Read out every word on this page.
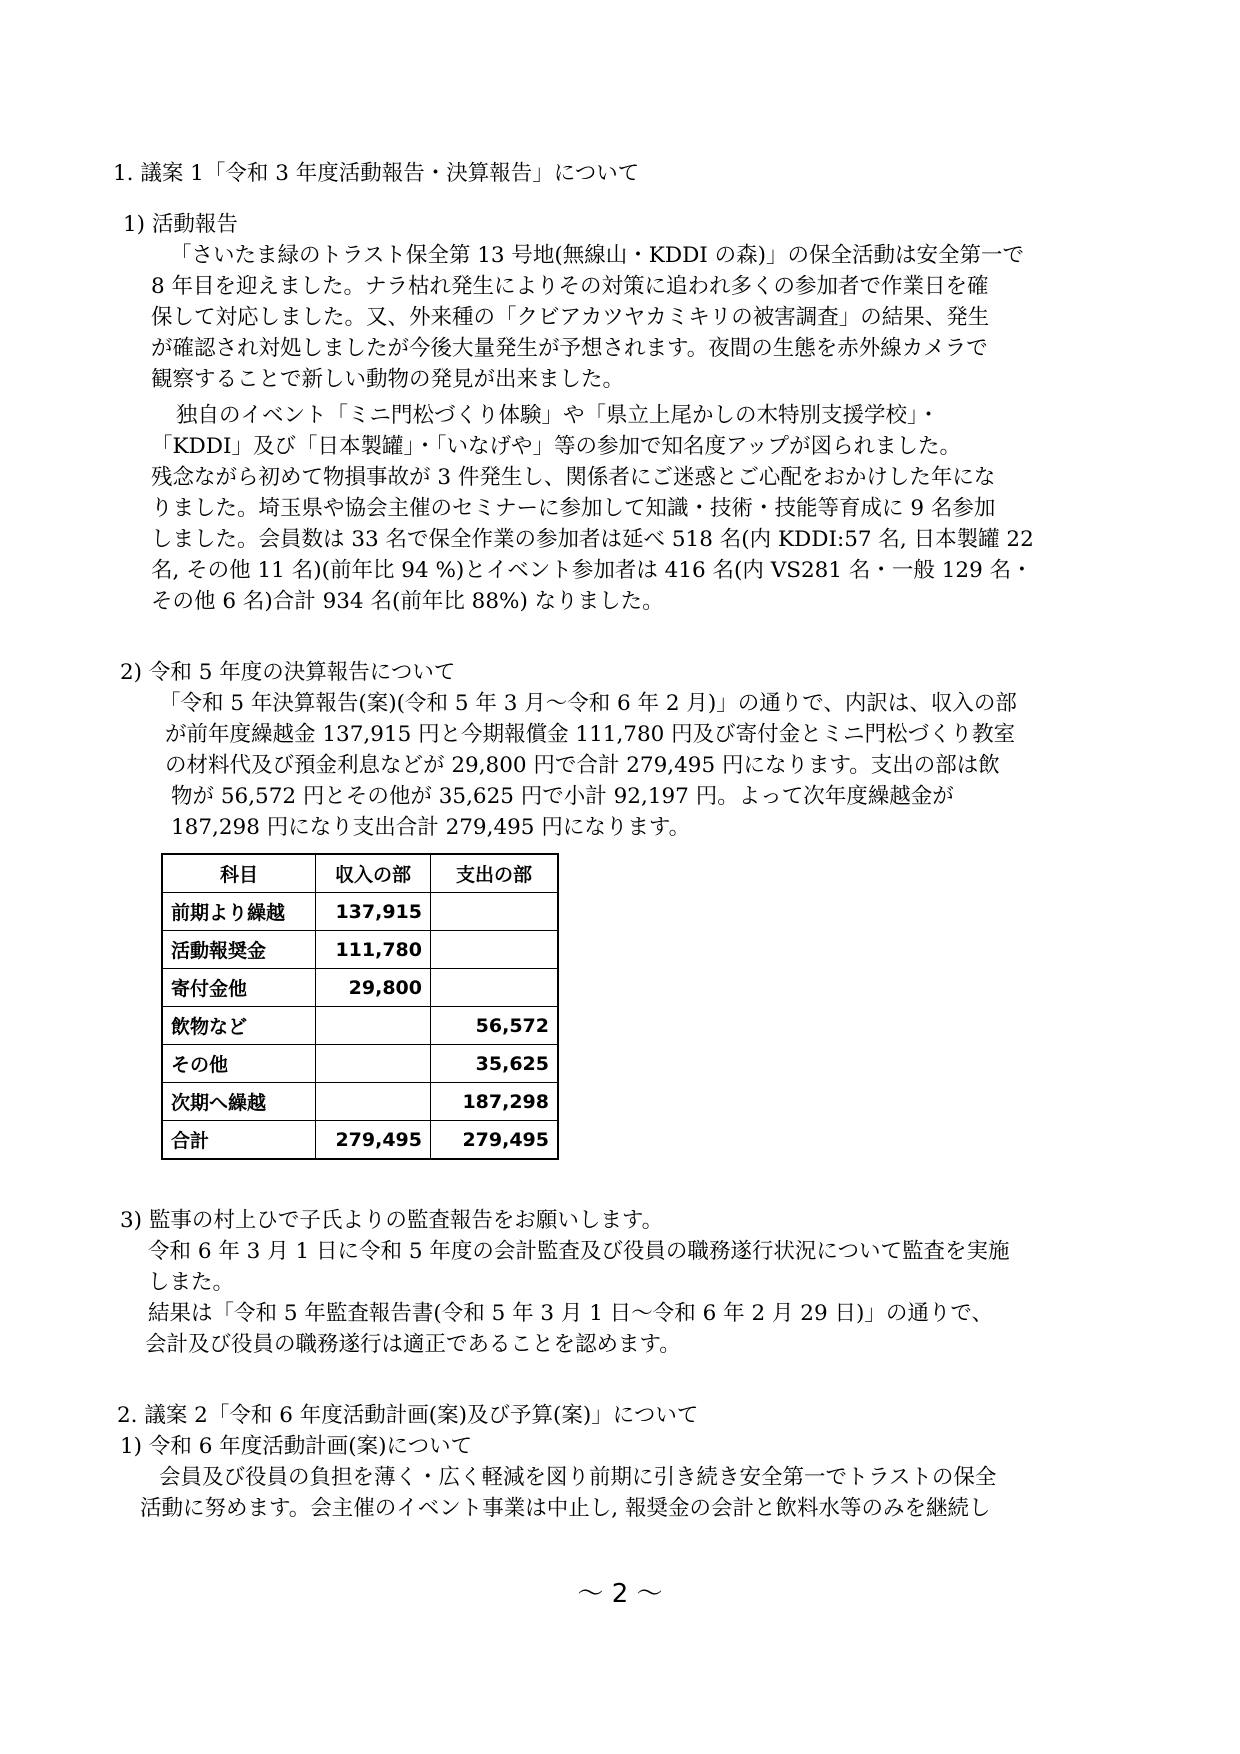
1. 議案 1「令和 3 年度活動報告・決算報告」について

1) 活動報告

「さいたま緑のトラスト保全第 13 号地(無線山・KDDI の森)」の保全活動は安全第一で

8 年目を迎えました。ナラ枯れ発生によりその対策に追われ多くの参加者で作業日を確

保して対応しました。又、外来種の「クビアカツヤカミキリの被害調査」の結果、発生

が確認され対処しましたが今後大量発生が予想されます。夜間の生態を赤外線カメラで

観察することで新しい動物の発見が出来ました。

独自のイベント「ミニ門松づくり体験」や「県立上尾かしの木特別支援学校」・

「KDDI」及び「日本製罐」・「いなげや」等の参加で知名度アップが図られました。

残念ながら初めて物損事故が 3 件発生し、関係者にご迷惑とご心配をおかけした年にな

りました。埼玉県や協会主催のセミナーに参加して知識・技術・技能等育成に 9 名参加

しました。会員数は 33 名で保全作業の参加者は延べ 518 名(内 KDDI:57 名, 日本製罐 22

名, その他 11 名)(前年比 94 %)とイベント参加者は 416 名(内 VS281 名・一般 129 名・

その他 6 名)合計 934 名(前年比 88%) なりました。

2) 令和 5 年度の決算報告について

「令和 5 年決算報告(案)(令和 5 年 3 月～令和 6 年 2 月)」の通りで、内訳は、収入の部

が前年度繰越金 137,915 円と今期報償金 111,780 円及び寄付金とミニ門松づくり教室

の材料代及び預金利息などが 29,800 円で合計 279,495 円になります。支出の部は飲

物が 56,572 円とその他が 35,625 円で小計 92,197 円。よって次年度繰越金が

187,298 円になり支出合計 279,495 円になります。

科目	収入の部	支出の部
前期より繰越	137,915	
活動報奨金	111,780	
寄付金他	29,800	
飲物など		56,572
その他		35,625
次期へ繰越		187,298
合計	279,495	279,495

3) 監事の村上ひで子氏よりの監査報告をお願いします。

令和 6 年 3 月 1 日に令和 5 年度の会計監査及び役員の職務遂行状況について監査を実施

しまた。

結果は「令和 5 年監査報告書(令和 5 年 3 月 1 日～令和 6 年 2 月 29 日)」の通りで、

会計及び役員の職務遂行は適正であることを認めます。

2. 議案 2「令和 6 年度活動計画(案)及び予算(案)」について

1) 令和 6 年度活動計画(案)について

会員及び役員の負担を薄く・広く軽減を図り前期に引き続き安全第一でトラストの保全

活動に努めます。会主催のイベント事業は中止し, 報奨金の会計と飲料水等のみを継続し

～ 2 ～
